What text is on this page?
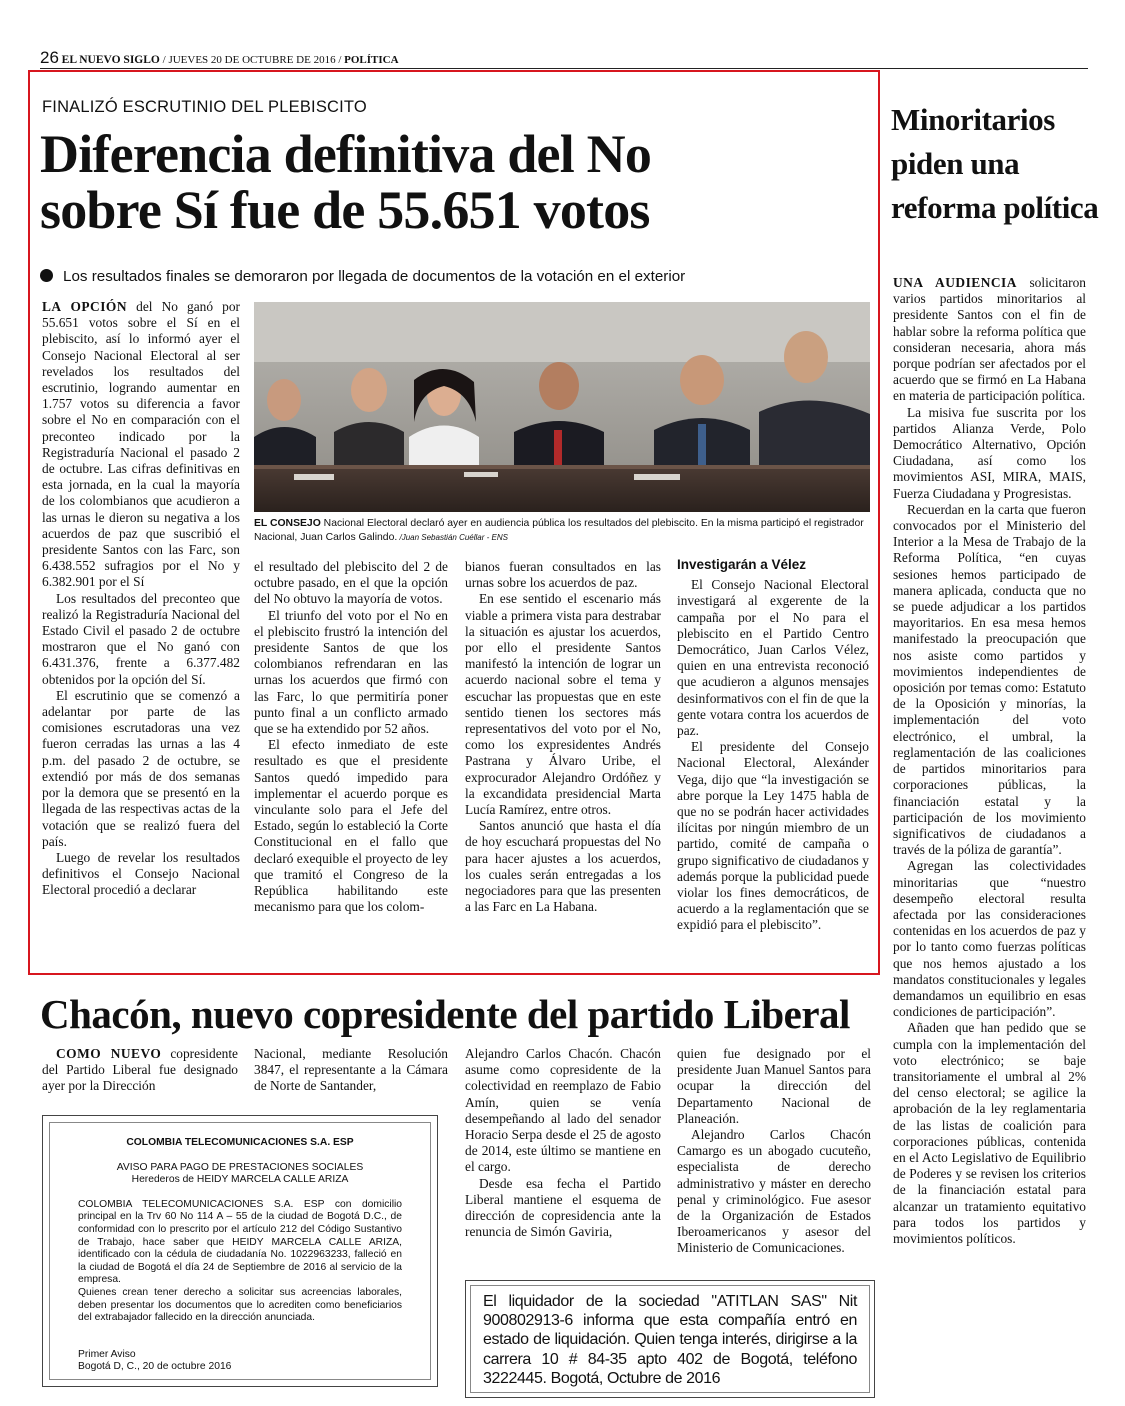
26 EL NUEVO SIGLO / JUEVES 20 DE OCTUBRE DE 2016 / POLÍTICA
FINALIZÓ ESCRUTINIO DEL PLEBISCITO
Diferencia definitiva del No
sobre Sí fue de 55.651 votos
Los resultados finales se demoraron por llegada de documentos de la votación en el exterior
EL CONSEJO Nacional Electoral declaró ayer en audiencia pública los resultados del plebiscito. En la misma participó el registrador Nacional, Juan Carlos Galindo. /Juan Sebastián Cuéllar - ENS

LA OPCIÓN del No ganó por 55.651 votos sobre el Sí en el plebiscito, así lo informó ayer el Consejo Nacional Electoral al ser revelados los resultados del escrutinio, logrando aumentar en 1.757 votos su diferencia a favor sobre el No en comparación con el preconteo indicado por la Registraduría Nacional el pasado 2 de octubre. Las cifras definitivas en esta jornada, en la cual la mayoría de los colombianos que acudieron a las urnas le dieron su negativa a los acuerdos de paz que suscribió el presidente Santos con las Farc, son 6.438.552 sufragios por el No y 6.382.901 por el Sí

Los resultados del preconteo que realizó la Registraduría Nacional del Estado Civil el pasado 2 de octubre mostraron que el No ganó con 6.431.376, frente a 6.377.482 obtenidos por la opción del Sí.

El escrutinio que se comenzó a adelantar por parte de las comisiones escrutadoras una vez fueron cerradas las urnas a las 4 p.m. del pasado 2 de octubre, se extendió por más de dos semanas por la demora que se presentó en la llegada de las respectivas actas de la votación que se realizó fuera del país.

Luego de revelar los resultados definitivos el Consejo Nacional Electoral procedió a declarar

el resultado del plebiscito del 2 de octubre pasado, en el que la opción del No obtuvo la mayoría de votos.

El triunfo del voto por el No en el plebiscito frustró la intención del presidente Santos de que los colombianos refrendaran en las urnas los acuerdos que firmó con las Farc, lo que permitiría poner punto final a un conflicto armado que se ha extendido por 52 años.

El efecto inmediato de este resultado es que el presidente Santos quedó impedido para implementar el acuerdo porque es vinculante solo para el Jefe del Estado, según lo estableció la Corte Constitucional en el fallo que declaró exequible el proyecto de ley que tramitó el Congreso de la República habilitando este mecanismo para que los colom-

bianos fueran consultados en las urnas sobre los acuerdos de paz.

En ese sentido el escenario más viable a primera vista para destrabar la situación es ajustar los acuerdos, por ello el presidente Santos manifestó la intención de lograr un acuerdo nacional sobre el tema y escuchar las propuestas que en este sentido tienen los sectores más representativos del voto por el No, como los expresidentes Andrés Pastrana y Álvaro Uribe, el exprocurador Alejandro Ordóñez y la excandidata presidencial Marta Lucía Ramírez, entre otros.

Santos anunció que hasta el día de hoy escuchará propuestas del No para hacer ajustes a los acuerdos, los cuales serán entregadas a los negociadores para que las presenten a las Farc en La Habana.

Investigarán a Vélez

El Consejo Nacional Electoral investigará al exgerente de la campaña por el No para el plebiscito en el Partido Centro Democrático, Juan Carlos Vélez, quien en una entrevista reconoció que acudieron a algunos mensajes desinformativos con el fin de que la gente votara contra los acuerdos de paz.

El presidente del Consejo Nacional Electoral, Alexánder Vega, dijo que “la investigación se abre porque la Ley 1475 habla de que no se podrán hacer actividades ilícitas por ningún miembro de un partido, comité de campaña o grupo significativo de ciudadanos y además porque la publicidad puede violar los fines democráticos, de acuerdo a la reglamentación que se expidió para el plebiscito”.

Minoritarios piden una reforma política

UNA AUDIENCIA solicitaron varios partidos minoritarios al presidente Santos con el fin de hablar sobre la reforma política que consideran necesaria, ahora más porque podrían ser afectados por el acuerdo que se firmó en La Habana en materia de participación política.

La misiva fue suscrita por los partidos Alianza Verde, Polo Democrático Alternativo, Opción Ciudadana, así como los movimientos ASI, MIRA, MAIS, Fuerza Ciudadana y Progresistas.

Recuerdan en la carta que fueron convocados por el Ministerio del Interior a la Mesa de Trabajo de la Reforma Política, “en cuyas sesiones hemos participado de manera aplicada, conducta que no se puede adjudicar a los partidos mayoritarios. En esa mesa hemos manifestado la preocupación que nos asiste como partidos y movimientos independientes de oposición por temas como: Estatuto de la Oposición y minorías, la implementación del voto electrónico, el umbral, la reglamentación de las coaliciones de partidos minoritarios para corporaciones públicas, la financiación estatal y la participación de los movimiento significativos de ciudadanos a través de la póliza de garantía”.

Agregan las colectividades minoritarias que “nuestro desempeño electoral resulta afectada por las consideraciones contenidas en los acuerdos de paz y por lo tanto como fuerzas políticas que nos hemos ajustado a los mandatos constitucionales y legales demandamos un equilibrio en esas condiciones de participación”.

Añaden que han pedido que se cumpla con la implementación del voto electrónico; se baje transitoriamente el umbral al 2% del censo electoral; se agilice la aprobación de la ley reglamentaria de las listas de coalición para corporaciones públicas, contenida en el Acto Legislativo de Equilibrio de Poderes y se revisen los criterios de la financiación estatal para alcanzar un tratamiento equitativo para todos los partidos y movimientos políticos.

Chacón, nuevo copresidente del partido Liberal

COMO NUEVO copresidente del Partido Liberal fue designado ayer por la Dirección

Nacional, mediante Resolución 3847, el representante a la Cámara de Norte de Santander,

Alejandro Carlos Chacón. Chacón asume como copresidente de la colectividad en reemplazo de Fabio Amín, quien se venía desempeñando al lado del senador Horacio Serpa desde el 25 de agosto de 2014, este último se mantiene en el cargo.

Desde esa fecha el Partido Liberal mantiene el esquema de dirección de copresidencia ante la renuncia de Simón Gaviria,

quien fue designado por el presidente Juan Manuel Santos para ocupar la dirección del Departamento Nacional de Planeación.

Alejandro Carlos Chacón Camargo es un abogado cucuteño, especialista de derecho administrativo y máster en derecho penal y criminológico. Fue asesor de la Organización de Estados Iberoamericanos y asesor del Ministerio de Comunicaciones.

COLOMBIA TELECOMUNICACIONES S.A. ESP
AVISO PARA PAGO DE PRESTACIONES SOCIALES
Herederos de HEIDY MARCELA CALLE ARIZA
COLOMBIA TELECOMUNICACIONES S.A. ESP con domicilio principal en la Trv 60 No 114 A – 55 de la ciudad de Bogotá D.C., de conformidad con lo prescrito por el artículo 212 del Código Sustantivo de Trabajo, hace saber que HEIDY MARCELA CALLE ARIZA, identificado con la cédula de ciudadanía No. 1022963233, falleció en la ciudad de Bogotá el día 24 de Septiembre de 2016 al servicio de la empresa.
Quienes crean tener derecho a solicitar sus acreencias laborales, deben presentar los documentos que lo acrediten como beneficiarios del extrabajador fallecido en la dirección anunciada.
Primer Aviso
Bogotá D, C., 20 de octubre 2016
El liquidador de la sociedad "ATITLAN SAS" Nit 900802913-6 informa que esta compañía entró en estado de liquidación. Quien tenga interés, dirigirse a la carrera 10 # 84-35 apto 402 de Bogotá, teléfono 3222445. Bogotá, Octubre de 2016
